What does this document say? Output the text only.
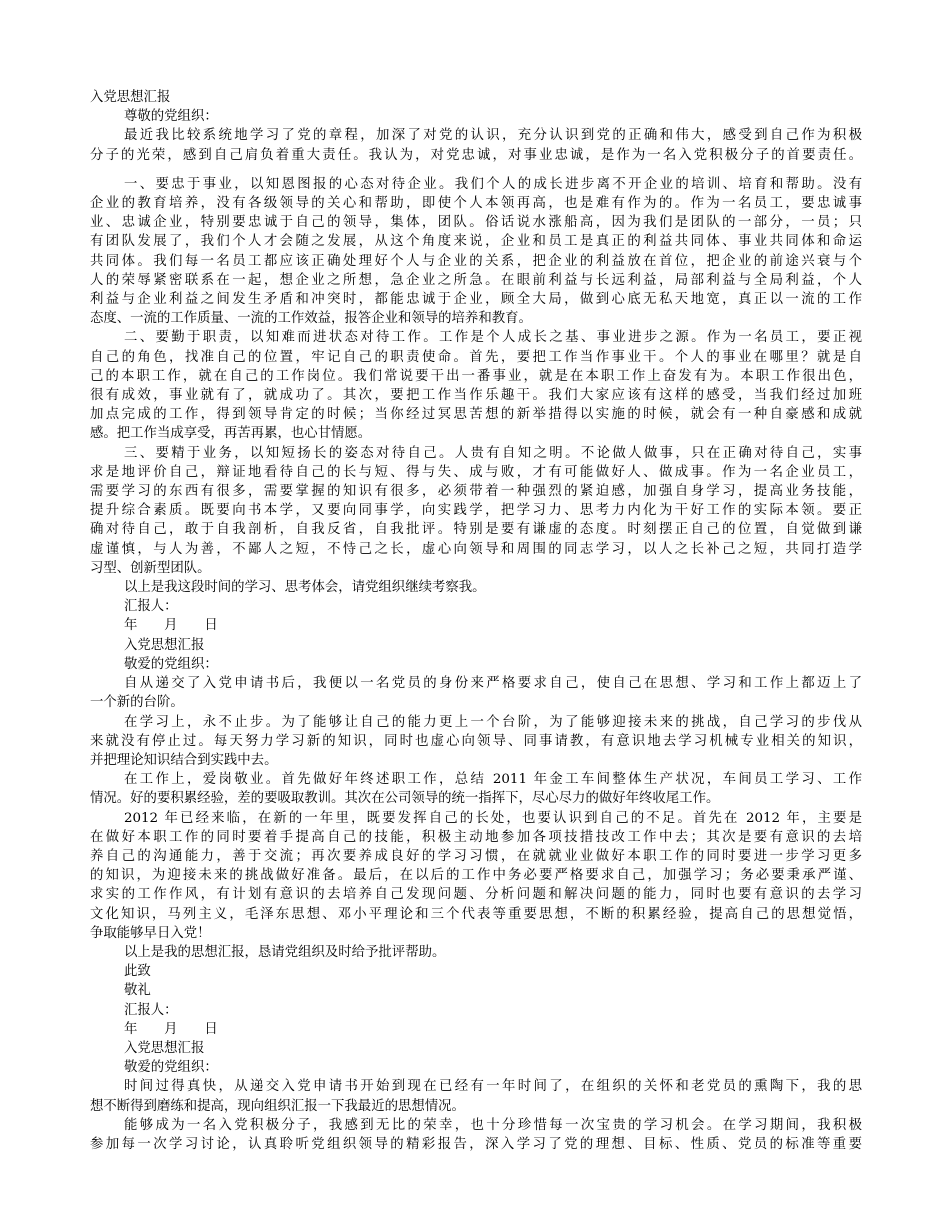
入党思想汇报
尊敬的党组织：
最近我比较系统地学习了党的章程，加深了对党的认识，充分认识到党的正确和伟大，感受到自己作为积极
分子的光荣，感到自己肩负着重大责任。我认为，对党忠诚，对事业忠诚，是作为一名入党积极分子的首要责任。
一、要忠于事业，以知恩图报的心态对待企业。我们个人的成长进步离不开企业的培训、培育和帮助。没有
企业的教育培养，没有各级领导的关心和帮助，即使个人本领再高，也是难有作为的。作为一名员工，要忠诚事
业、忠诚企业，特别要忠诚于自己的领导，集体，团队。俗话说水涨船高，因为我们是团队的一部分，一员；只
有团队发展了，我们个人才会随之发展，从这个角度来说，企业和员工是真正的利益共同体、事业共同体和命运
共同体。我们每一名员工都应该正确处理好个人与企业的关系，把企业的利益放在首位，把企业的前途兴衰与个
人的荣辱紧密联系在一起，想企业之所想，急企业之所急。在眼前利益与长远利益，局部利益与全局利益，个人
利益与企业利益之间发生矛盾和冲突时，都能忠诚于企业，顾全大局，做到心底无私天地宽，真正以一流的工作
态度、一流的工作质量、一流的工作效益，报答企业和领导的培养和教育。
二、要勤于职责，以知难而进状态对待工作。工作是个人成长之基、事业进步之源。作为一名员工，要正视
自己的角色，找准自己的位置，牢记自己的职责使命。首先，要把工作当作事业干。个人的事业在哪里？就是自
己的本职工作，就在自己的工作岗位。我们常说要干出一番事业，就是在本职工作上奋发有为。本职工作很出色，
很有成效，事业就有了，就成功了。其次，要把工作当作乐趣干。我们大家应该有这样的感受，当我们经过加班
加点完成的工作，得到领导肯定的时候；当你经过冥思苦想的新举措得以实施的时候，就会有一种自豪感和成就
感。把工作当成享受，再苦再累，也心甘情愿。
三、要精于业务，以知短扬长的姿态对待自己。人贵有自知之明。不论做人做事，只在正确对待自己，实事
求是地评价自己，辩证地看待自己的长与短、得与失、成与败，才有可能做好人、做成事。作为一名企业员工，
需要学习的东西有很多，需要掌握的知识有很多，必须带着一种强烈的紧迫感，加强自身学习，提高业务技能，
提升综合素质。既要向书本学，又要向同事学，向实践学，把学习力、思考力内化为干好工作的实际本领。要正
确对待自己，敢于自我剖析，自我反省，自我批评。特别是要有谦虚的态度。时刻摆正自己的位置，自觉做到谦
虚谨慎，与人为善，不鄙人之短，不恃己之长，虚心向领导和周围的同志学习，以人之长补己之短，共同打造学
习型、创新型团队。
以上是我这段时间的学习、思考体会，请党组织继续考察我。
汇报人：
年　　月　　日
入党思想汇报
敬爱的党组织：
自从递交了入党申请书后，我便以一名党员的身份来严格要求自己，使自己在思想、学习和工作上都迈上了
一个新的台阶。
在学习上，永不止步。为了能够让自己的能力更上一个台阶，为了能够迎接未来的挑战，自己学习的步伐从
来就没有停止过。每天努力学习新的知识，同时也虚心向领导、同事请教，有意识地去学习机械专业相关的知识，
并把理论知识结合到实践中去。
在工作上，爱岗敬业。首先做好年终述职工作，总结 2011 年金工车间整体生产状况，车间员工学习、工作
情况。好的要积累经验，差的要吸取教训。其次在公司领导的统一指挥下，尽心尽力的做好年终收尾工作。
2012 年已经来临，在新的一年里，既要发挥自己的长处，也要认识到自己的不足。首先在 2012 年，主要是
在做好本职工作的同时要着手提高自己的技能，积极主动地参加各项技措技改工作中去；其次是要有意识的去培
养自己的沟通能力，善于交流；再次要养成良好的学习习惯，在就就业业做好本职工作的同时要进一步学习更多
的知识，为迎接未来的挑战做好准备。最后，在以后的工作中务必要严格要求自己，加强学习；务必要秉承严谨、
求实的工作作风，有计划有意识的去培养自己发现问题、分析问题和解决问题的能力，同时也要有意识的去学习
文化知识，马列主义，毛泽东思想、邓小平理论和三个代表等重要思想，不断的积累经验，提高自己的思想觉悟，
争取能够早日入党！
以上是我的思想汇报，恳请党组织及时给予批评帮助。
此致
敬礼
汇报人：
年　　月　　日
入党思想汇报
敬爱的党组织：
时间过得真快，从递交入党申请书开始到现在已经有一年时间了，在组织的关怀和老党员的熏陶下，我的思
想不断得到磨练和提高，现向组织汇报一下我最近的思想情况。
能够成为一名入党积极分子，我感到无比的荣幸，也十分珍惜每一次宝贵的学习机会。在学习期间，我积极
参加每一次学习讨论，认真聆听党组织领导的精彩报告，深入学习了党的理想、目标、性质、党员的标准等重要
